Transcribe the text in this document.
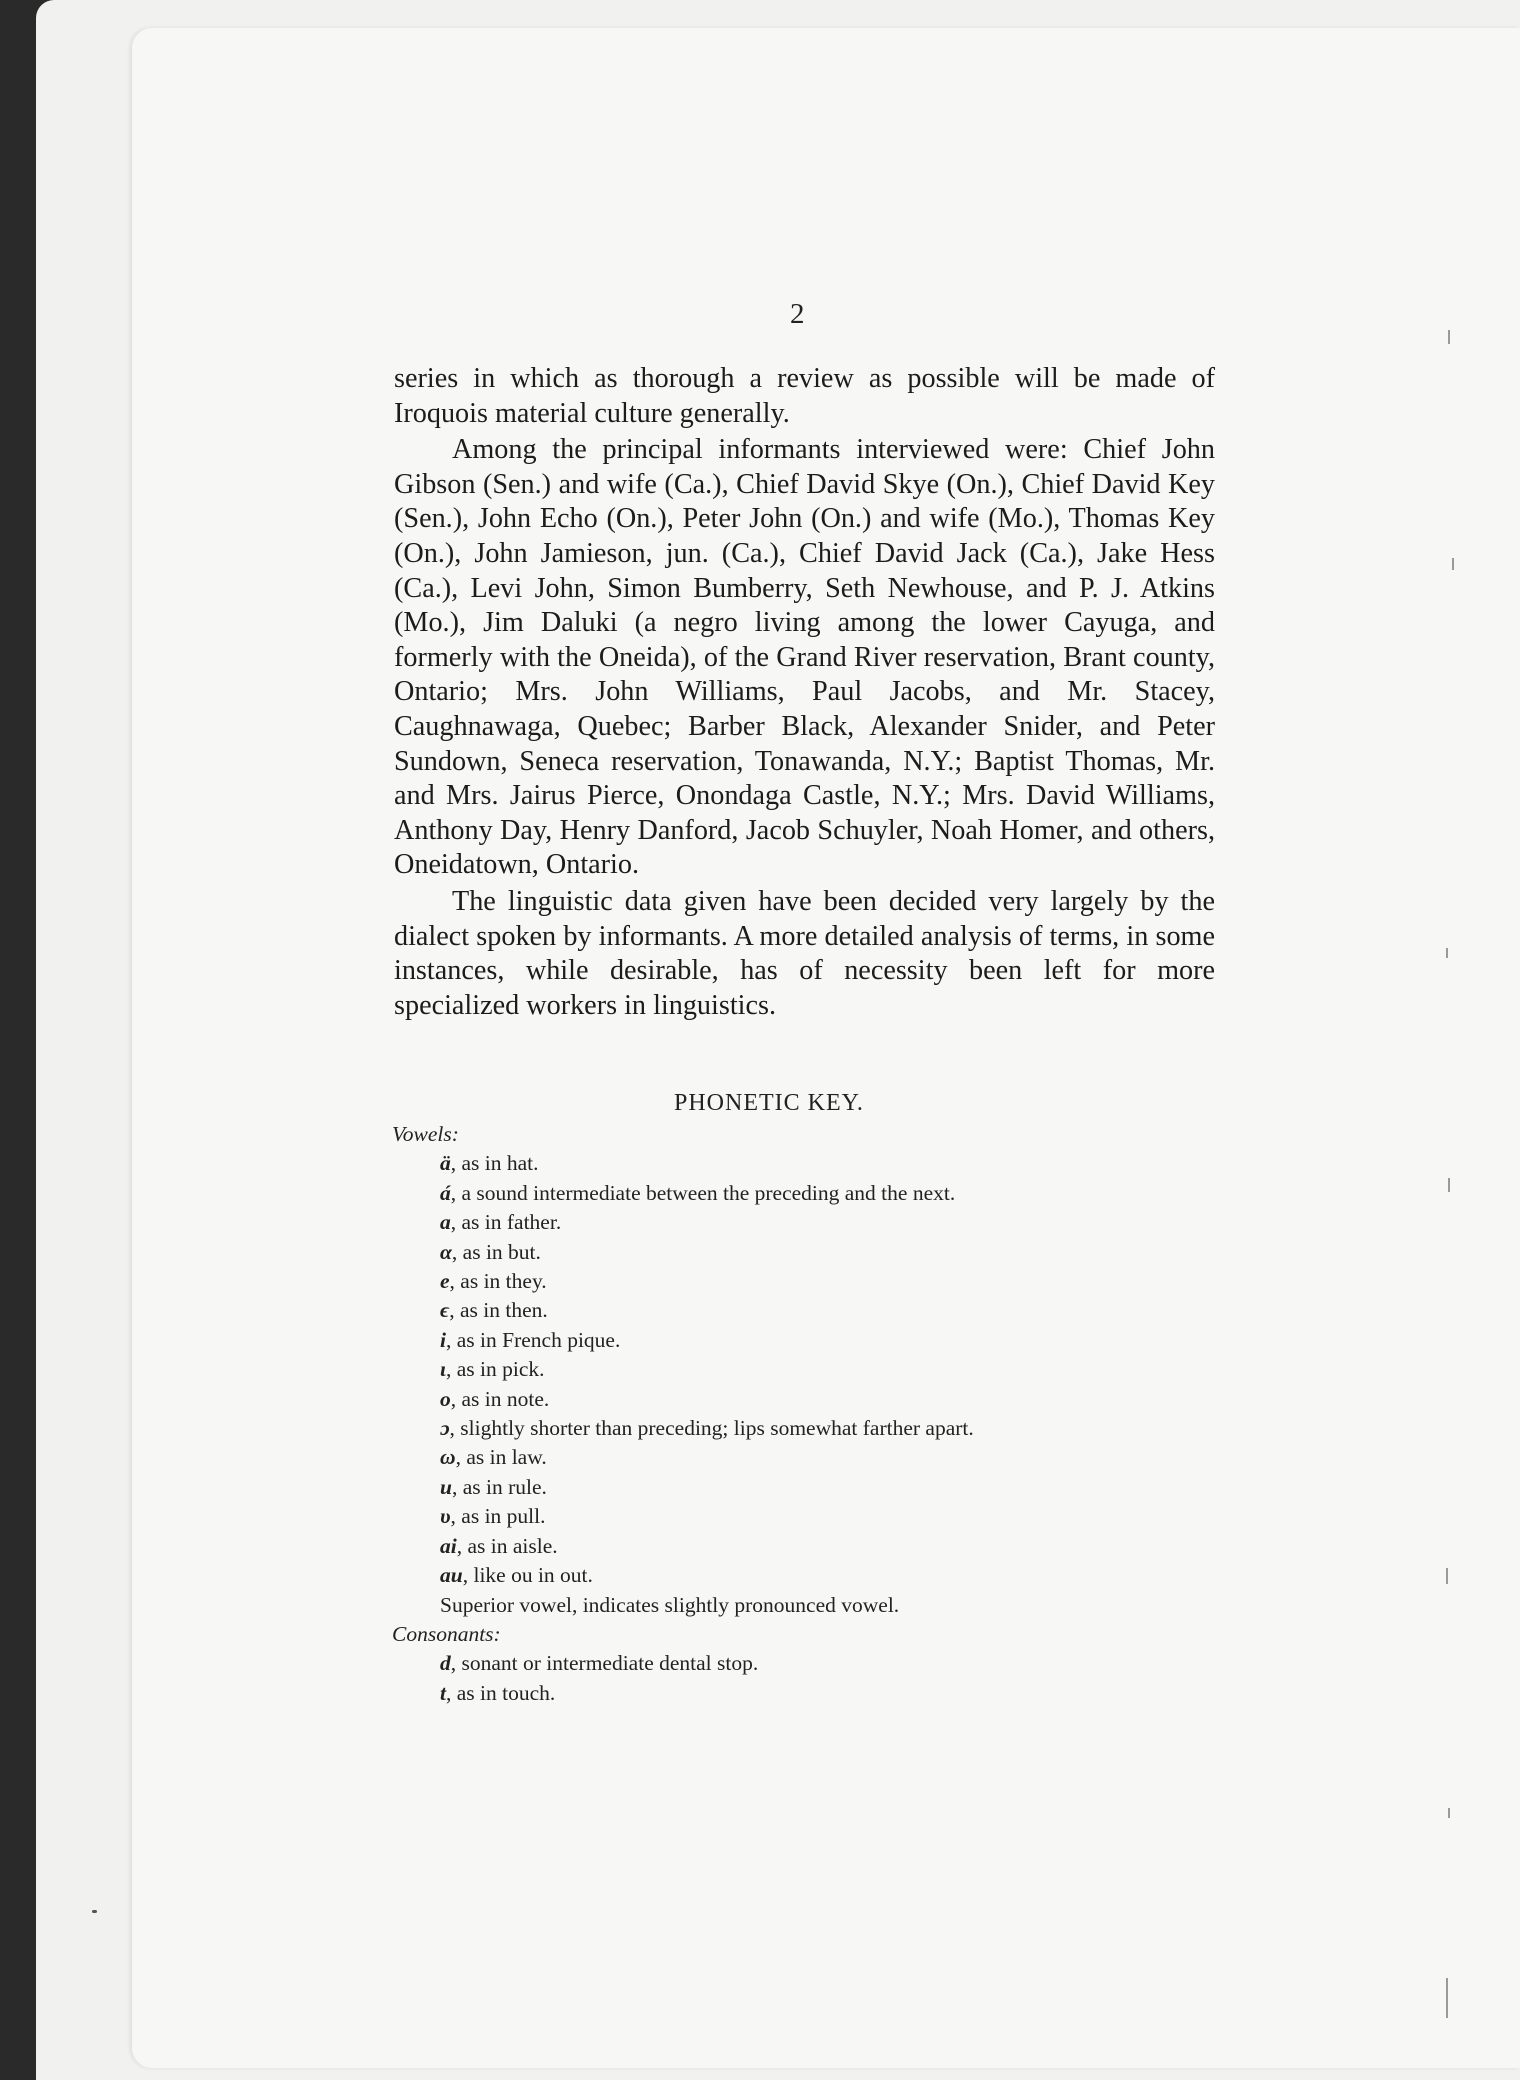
2

series in which as thorough a review as possible will be made of Iroquois material culture generally.

Among the principal informants interviewed were: Chief John Gibson (Sen.) and wife (Ca.), Chief David Skye (On.), Chief David Key (Sen.), John Echo (On.), Peter John (On.) and wife (Mo.), Thomas Key (On.), John Jamieson, jun. (Ca.), Chief David Jack (Ca.), Jake Hess (Ca.), Levi John, Simon Bumberry, Seth Newhouse, and P. J. Atkins (Mo.), Jim Daluki (a negro living among the lower Cayuga, and formerly with the Oneida), of the Grand River reservation, Brant county, Ontario; Mrs. John Williams, Paul Jacobs, and Mr. Stacey, Caughnawaga, Quebec; Barber Black, Alexander Snider, and Peter Sundown, Seneca reservation, Tonawanda, N.Y.; Baptist Thomas, Mr. and Mrs. Jairus Pierce, Onondaga Castle, N.Y.; Mrs. David Williams, Anthony Day, Henry Danford, Jacob Schuyler, Noah Homer, and others, Oneidatown, Ontario.

The linguistic data given have been decided very largely by the dialect spoken by informants. A more detailed analysis of terms, in some instances, while desirable, has of necessity been left for more specialized workers in linguistics.

PHONETIC KEY.
Vowels:
ä, as in hat.
á, a sound intermediate between the preceding and the next.
a, as in father.
α, as in but.
e, as in they.
ϵ, as in then.
i, as in French pique.
ι, as in pick.
o, as in note.
ɔ, slightly shorter than preceding; lips somewhat farther apart.
ω, as in law.
u, as in rule.
υ, as in pull.
ai, as in aisle.
au, like ou in out.
Superior vowel, indicates slightly pronounced vowel.
Consonants:
d, sonant or intermediate dental stop.
t, as in touch.
